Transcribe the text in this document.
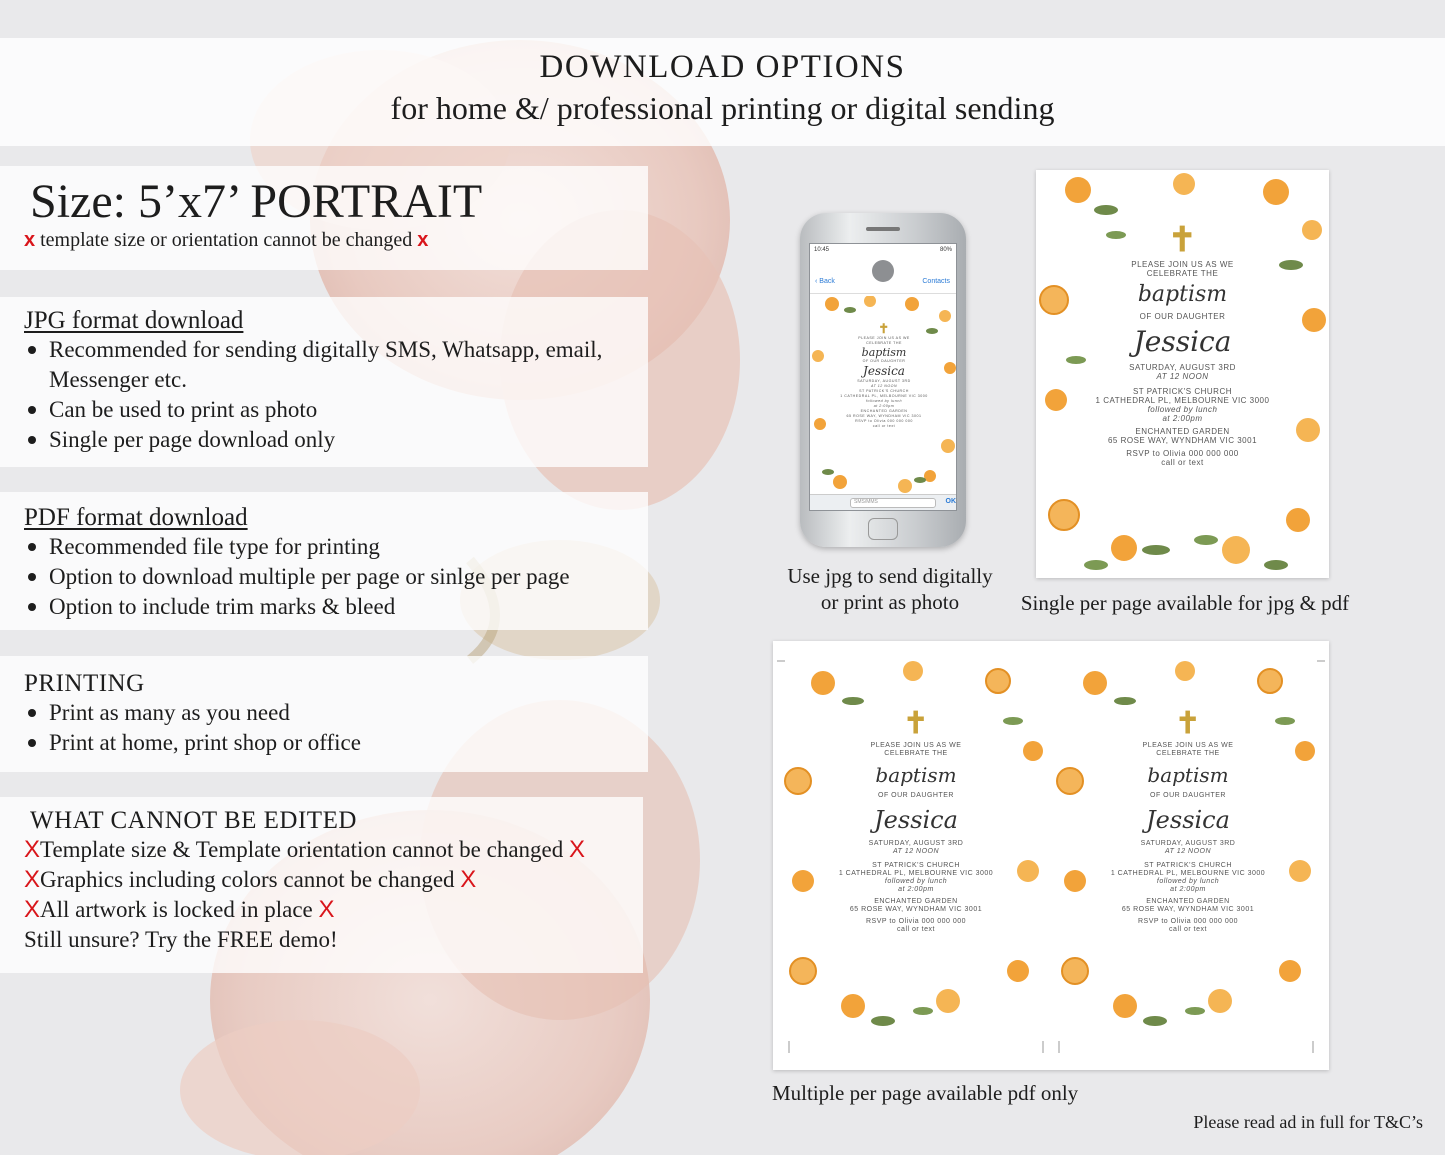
DOWNLOAD OPTIONS
for home &/ professional printing or digital sending
Size: 5’x7’ PORTRAIT
x template size or orientation cannot be changed x
JPG format download
Recommended for sending digitally SMS, Whatsapp, email,
Messenger etc.
Can be used to print as photo
Single per page download only
PDF format download
Recommended file type for printing
Option to download multiple per page or sinlge per page
Option to include trim marks & bleed
PRINTING
Print as many as you need
Print at home, print shop or office
WHAT CANNOT BE EDITED
XTemplate size & Template orientation cannot be changed X
XGraphics including colors cannot be changed X
XAll artwork is locked in place X
Still unsure? Try the FREE demo!
10:45	80%
‹ Back	Contacts
✝
PLEASE JOIN US AS WE
CELEBRATE THE
baptism
OF OUR DAUGHTER
Jessica
SATURDAY, AUGUST 3RD
AT 12 NOON
ST PATRICK'S CHURCH
1 CATHEDRAL PL, MELBOURNE VIC 3000
followed by lunch
at 2:00pm
ENCHANTED GARDEN
65 ROSE WAY, WYNDHAM VIC 3001
RSVP to Olivia 000 000 000
call or text
SMS/MMS	OK
Use jpg to send digitally
or print as photo
✝
PLEASE JOIN US AS WE
CELEBRATE THE
baptism
OF OUR DAUGHTER
Jessica
SATURDAY, AUGUST 3RD
AT 12 NOON
ST PATRICK'S CHURCH
1 CATHEDRAL PL, MELBOURNE VIC 3000
followed by lunch
at 2:00pm
ENCHANTED GARDEN
65 ROSE WAY, WYNDHAM VIC 3001
RSVP to Olivia 000 000 000
call or text
Single per page available for jpg & pdf
✝
PLEASE JOIN US AS WE
CELEBRATE THE
baptism
OF OUR DAUGHTER
Jessica
SATURDAY, AUGUST 3RD
AT 12 NOON
ST PATRICK'S CHURCH
1 CATHEDRAL PL, MELBOURNE VIC 3000
followed by lunch
at 2:00pm
ENCHANTED GARDEN
65 ROSE WAY, WYNDHAM VIC 3001
RSVP to Olivia 000 000 000
call or text
✝
PLEASE JOIN US AS WE
CELEBRATE THE
baptism
OF OUR DAUGHTER
Jessica
SATURDAY, AUGUST 3RD
AT 12 NOON
ST PATRICK'S CHURCH
1 CATHEDRAL PL, MELBOURNE VIC 3000
followed by lunch
at 2:00pm
ENCHANTED GARDEN
65 ROSE WAY, WYNDHAM VIC 3001
RSVP to Olivia 000 000 000
call or text
Multiple per page available pdf only
Please read ad in full for T&C’s
